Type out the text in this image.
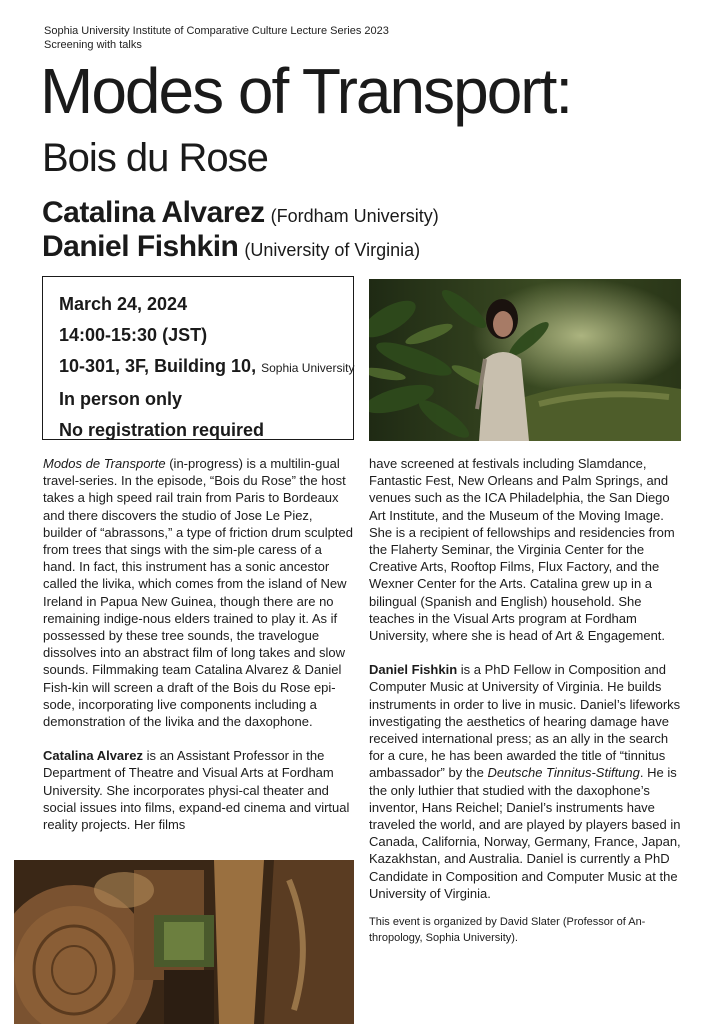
Sophia University Institute of Comparative Culture Lecture Series 2023
Screening with talks
Modes of Transport:
Bois du Rose
Catalina Alvarez (Fordham University)
Daniel Fishkin (University of Virginia)
March 24, 2024
14:00-15:30 (JST)
10-301, 3F, Building 10, Sophia University
In person only
No registration required

Modos de Transporte (in-progress) is a multilin-gual travel-series. In the episode, “Bois du Rose” the host takes a high speed rail train from Paris to Bordeaux and there discovers the studio of Jose Le Piez, builder of “abrassons,” a type of friction drum sculpted from trees that sings with the sim-ple caress of a hand. In fact, this instrument has a sonic ancestor called the livika, which comes from the island of New Ireland in Papua New Guinea, though there are no remaining indige-nous elders trained to play it. As if possessed by these tree sounds, the travelogue dissolves into an abstract film of long takes and slow sounds. Filmmaking team Catalina Alvarez & Daniel Fish-kin will screen a draft of the Bois du Rose epi-sode, incorporating live components including a demonstration of the livika and the daxophone.

Catalina Alvarez is an Assistant Professor in the Department of Theatre and Visual Arts at Fordham University. She incorporates physi-cal theater and social issues into films, expand-ed cinema and virtual reality projects. Her films

have screened at festivals including Slamdance, Fantastic Fest, New Orleans and Palm Springs, and venues such as the ICA Philadelphia, the San Diego Art Institute, and the Museum of the Moving Image. She is a recipient of fellowships and residencies from the Flaherty Seminar, the Virginia Center for the Creative Arts, Rooftop Films, Flux Factory, and the Wexner Center for the Arts. Catalina grew up in a bilingual (Spanish and English) household. She teaches in the Visual Arts program at Fordham University, where she is head of Art & Engagement.

Daniel Fishkin is a PhD Fellow in Composition and Computer Music at University of Virginia. He builds instruments in order to live in music. Daniel’s lifeworks investigating the aesthetics of hearing damage have received international press; as an ally in the search for a cure, he has been awarded the title of “tinnitus ambassador” by the Deutsche Tinnitus-Stiftung. He is the only luthier that studied with the daxophone’s inventor, Hans Reichel; Daniel’s instruments have traveled the world, and are played by players based in Canada, California, Norway, Germany, France, Japan, Kazakhstan, and Australia. Daniel is currently a PhD Candidate in Composition and Computer Music at the University of Virginia.

This event is organized by David Slater (Professor of An-thropology, Sophia University).
